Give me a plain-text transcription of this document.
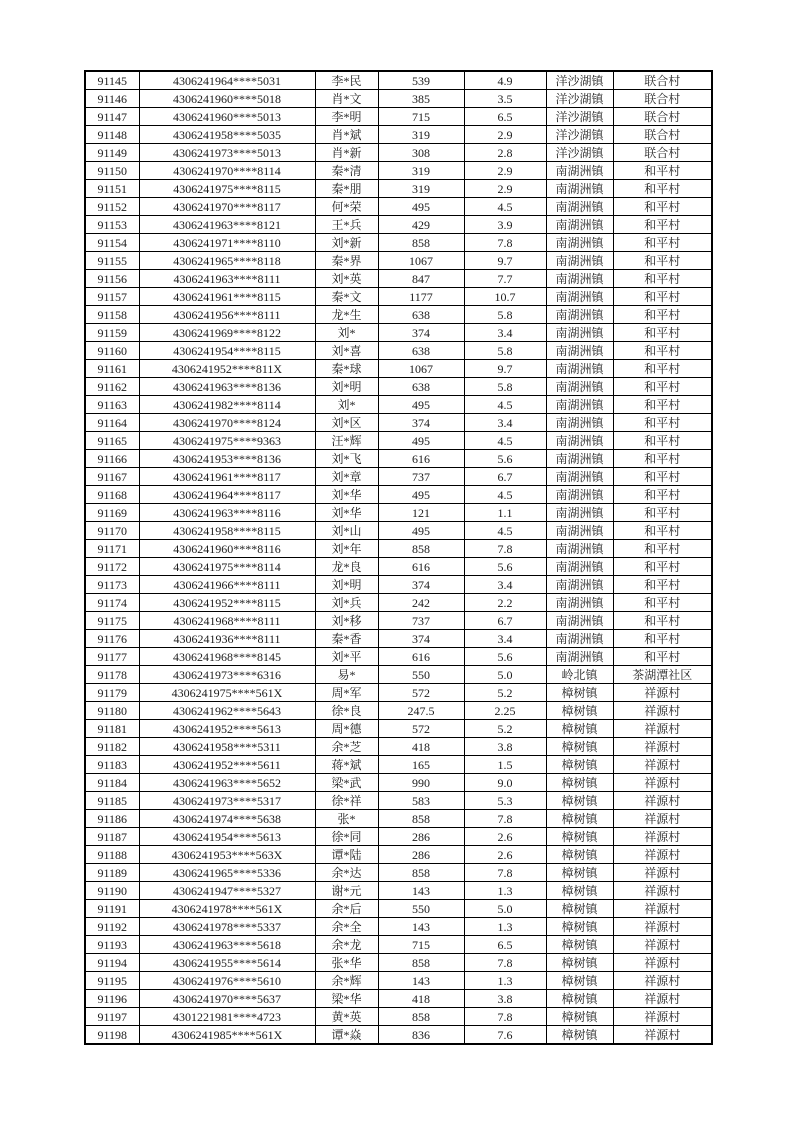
91145	4306241964****5031	李*民	539	4.9	洋沙湖镇	联合村
91146	4306241960****5018	肖*文	385	3.5	洋沙湖镇	联合村
91147	4306241960****5013	李*明	715	6.5	洋沙湖镇	联合村
91148	4306241958****5035	肖*斌	319	2.9	洋沙湖镇	联合村
91149	4306241973****5013	肖*新	308	2.8	洋沙湖镇	联合村
91150	4306241970****8114	秦*清	319	2.9	南湖洲镇	和平村
91151	4306241975****8115	秦*朋	319	2.9	南湖洲镇	和平村
91152	4306241970****8117	何*荣	495	4.5	南湖洲镇	和平村
91153	4306241963****8121	王*兵	429	3.9	南湖洲镇	和平村
91154	4306241971****8110	刘*新	858	7.8	南湖洲镇	和平村
91155	4306241965****8118	秦*界	1067	9.7	南湖洲镇	和平村
91156	4306241963****8111	刘*英	847	7.7	南湖洲镇	和平村
91157	4306241961****8115	秦*文	1177	10.7	南湖洲镇	和平村
91158	4306241956****8111	龙*生	638	5.8	南湖洲镇	和平村
91159	4306241969****8122	刘*	374	3.4	南湖洲镇	和平村
91160	4306241954****8115	刘*喜	638	5.8	南湖洲镇	和平村
91161	4306241952****811X	秦*球	1067	9.7	南湖洲镇	和平村
91162	4306241963****8136	刘*明	638	5.8	南湖洲镇	和平村
91163	4306241982****8114	刘*	495	4.5	南湖洲镇	和平村
91164	4306241970****8124	刘*区	374	3.4	南湖洲镇	和平村
91165	4306241975****9363	汪*辉	495	4.5	南湖洲镇	和平村
91166	4306241953****8136	刘*飞	616	5.6	南湖洲镇	和平村
91167	4306241961****8117	刘*章	737	6.7	南湖洲镇	和平村
91168	4306241964****8117	刘*华	495	4.5	南湖洲镇	和平村
91169	4306241963****8116	刘*华	121	1.1	南湖洲镇	和平村
91170	4306241958****8115	刘*山	495	4.5	南湖洲镇	和平村
91171	4306241960****8116	刘*年	858	7.8	南湖洲镇	和平村
91172	4306241975****8114	龙*良	616	5.6	南湖洲镇	和平村
91173	4306241966****8111	刘*明	374	3.4	南湖洲镇	和平村
91174	4306241952****8115	刘*兵	242	2.2	南湖洲镇	和平村
91175	4306241968****8111	刘*移	737	6.7	南湖洲镇	和平村
91176	4306241936****8111	秦*香	374	3.4	南湖洲镇	和平村
91177	4306241968****8145	刘*平	616	5.6	南湖洲镇	和平村
91178	4306241973****6316	易*	550	5.0	岭北镇	茶湖潭社区
91179	4306241975****561X	周*军	572	5.2	樟树镇	祥源村
91180	4306241962****5643	徐*良	247.5	2.25	樟树镇	祥源村
91181	4306241952****5613	周*德	572	5.2	樟树镇	祥源村
91182	4306241958****5311	余*芝	418	3.8	樟树镇	祥源村
91183	4306241952****5611	蒋*斌	165	1.5	樟树镇	祥源村
91184	4306241963****5652	梁*武	990	9.0	樟树镇	祥源村
91185	4306241973****5317	徐*祥	583	5.3	樟树镇	祥源村
91186	4306241974****5638	张*	858	7.8	樟树镇	祥源村
91187	4306241954****5613	徐*同	286	2.6	樟树镇	祥源村
91188	4306241953****563X	谭*陆	286	2.6	樟树镇	祥源村
91189	4306241965****5336	余*达	858	7.8	樟树镇	祥源村
91190	4306241947****5327	谢*元	143	1.3	樟树镇	祥源村
91191	4306241978****561X	余*后	550	5.0	樟树镇	祥源村
91192	4306241978****5337	余*全	143	1.3	樟树镇	祥源村
91193	4306241963****5618	余*龙	715	6.5	樟树镇	祥源村
91194	4306241955****5614	张*华	858	7.8	樟树镇	祥源村
91195	4306241976****5610	余*辉	143	1.3	樟树镇	祥源村
91196	4306241970****5637	梁*华	418	3.8	樟树镇	祥源村
91197	4301221981****4723	黄*英	858	7.8	樟树镇	祥源村
91198	4306241985****561X	谭*焱	836	7.6	樟树镇	祥源村
